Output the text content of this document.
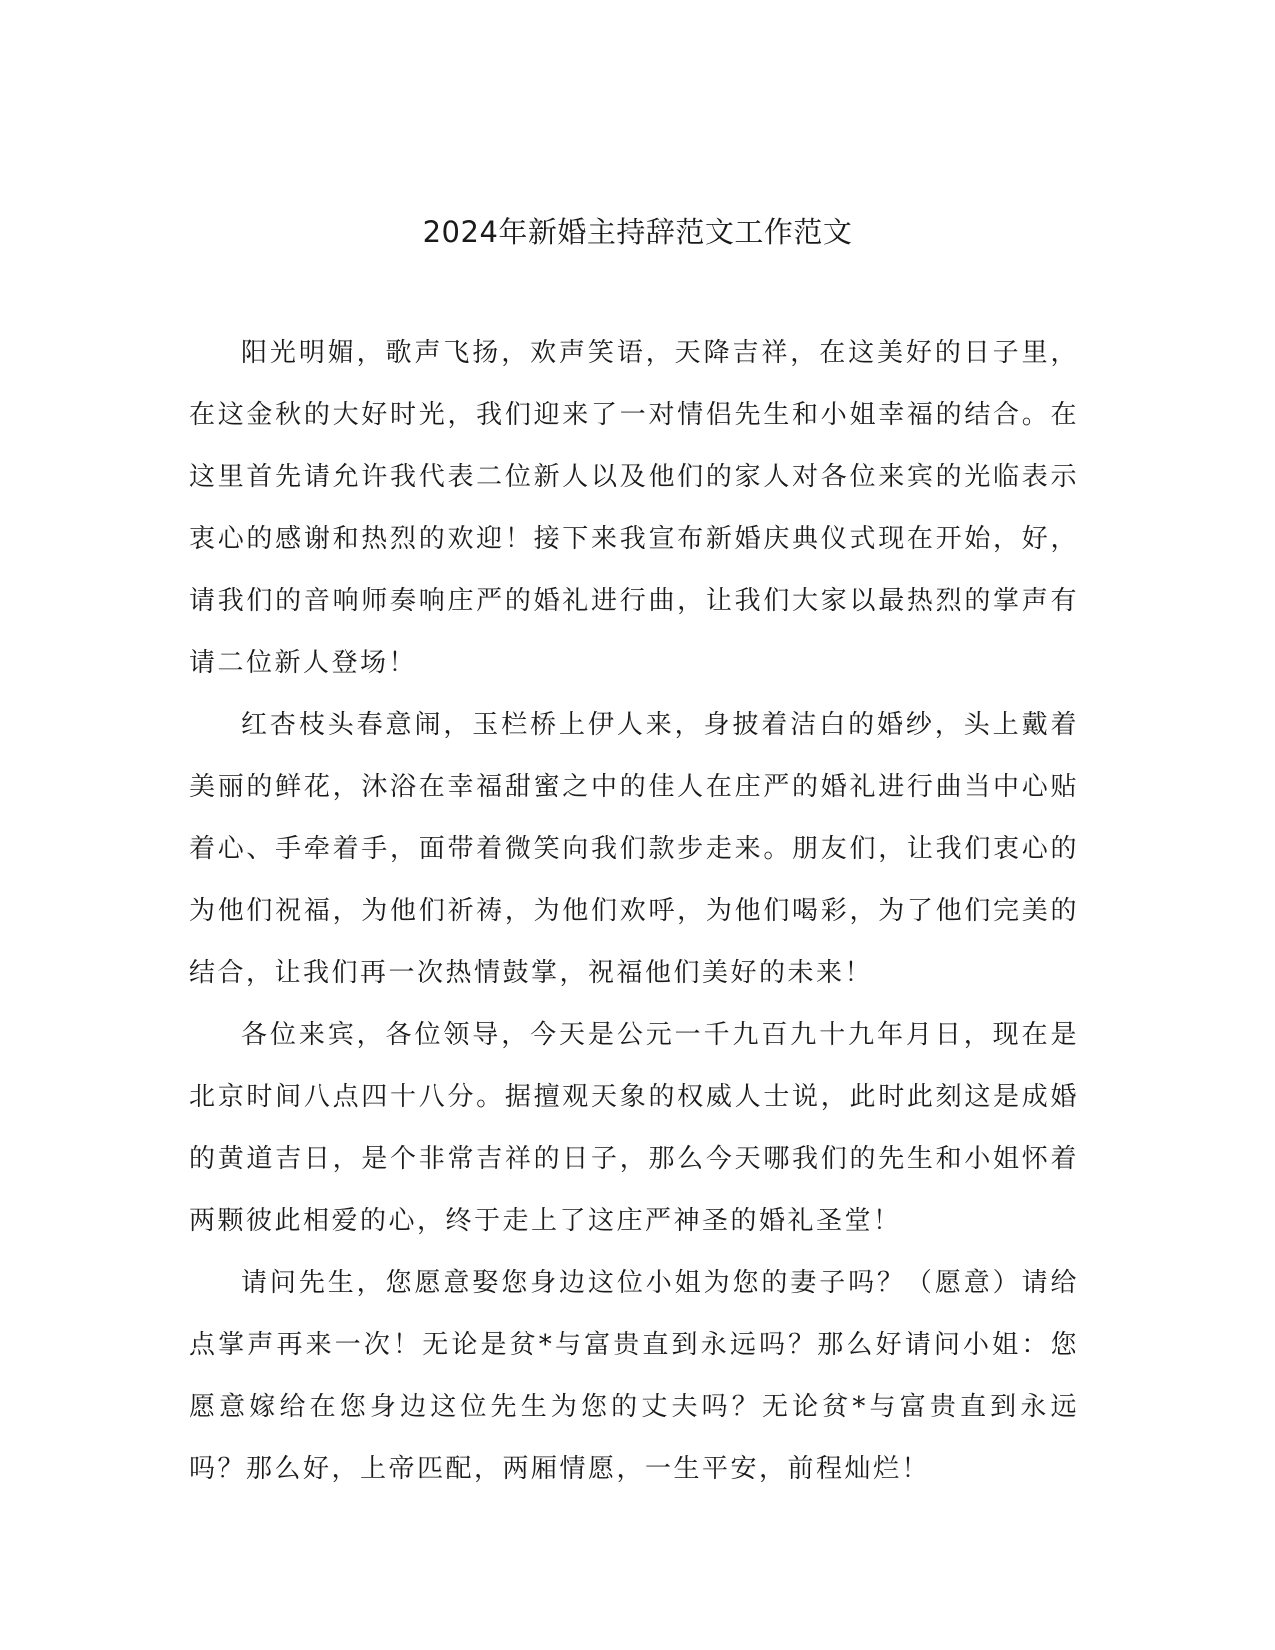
2024年新婚主持辞范文工作范文

阳光明媚，歌声飞扬，欢声笑语，天降吉祥，在这美好的日子里，在这金秋的大好时光，我们迎来了一对情侣先生和小姐幸福的结合。在这里首先请允许我代表二位新人以及他们的家人对各位来宾的光临表示衷心的感谢和热烈的欢迎！接下来我宣布新婚庆典仪式现在开始，好，请我们的音响师奏响庄严的婚礼进行曲，让我们大家以最热烈的掌声有请二位新人登场！

红杏枝头春意闹，玉栏桥上伊人来，身披着洁白的婚纱，头上戴着美丽的鲜花，沐浴在幸福甜蜜之中的佳人在庄严的婚礼进行曲当中心贴着心、手牵着手，面带着微笑向我们款步走来。朋友们，让我们衷心的为他们祝福，为他们祈祷，为他们欢呼，为他们喝彩，为了他们完美的结合，让我们再一次热情鼓掌，祝福他们美好的未来！

各位来宾，各位领导，今天是公元一千九百九十九年月日，现在是北京时间八点四十八分。据擅观天象的权威人士说，此时此刻这是成婚的黄道吉日，是个非常吉祥的日子，那么今天哪我们的先生和小姐怀着两颗彼此相爱的心，终于走上了这庄严神圣的婚礼圣堂！

请问先生，您愿意娶您身边这位小姐为您的妻子吗？（愿意）请给点掌声再来一次！无论是贫*与富贵直到永远吗？那么好请问小姐：您愿意嫁给在您身边这位先生为您的丈夫吗？无论贫*与富贵直到永远吗？那么好，上帝匹配，两厢情愿，一生平安，前程灿烂！
